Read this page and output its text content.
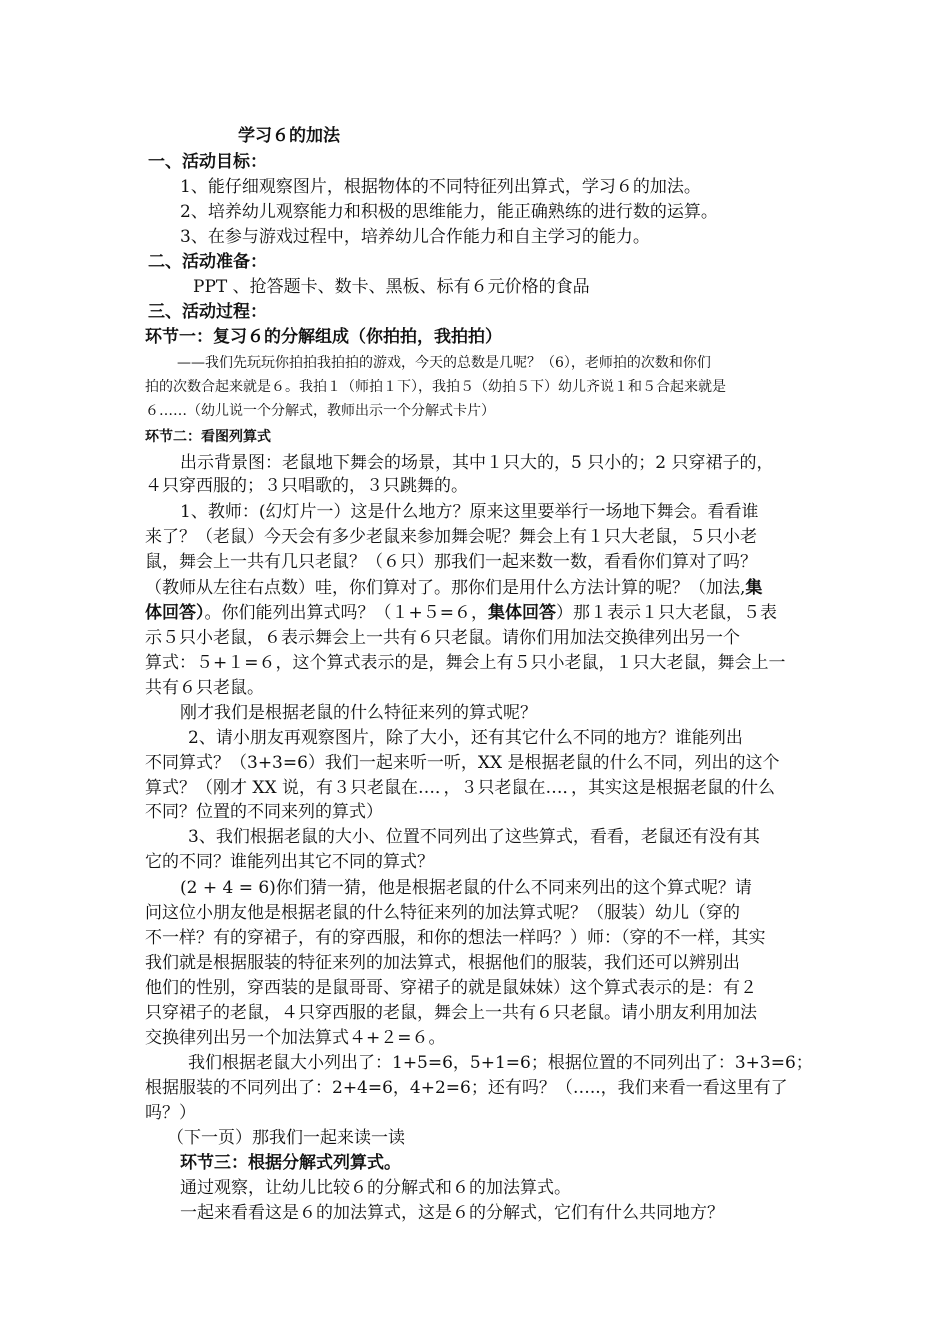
学习６的加法
一、活动目标：
1、能仔细观察图片，根据物体的不同特征列出算式，学习６的加法。
2、培养幼儿观察能力和积极的思维能力，能正确熟练的进行数的运算。
3、在参与游戏过程中，培养幼儿合作能力和自主学习的能力。
二、活动准备：
PPT 、抢答题卡、数卡、黑板、标有６元价格的食品
三、活动过程：
环节一：复习６的分解组成（你拍拍，我拍拍）
——我们先玩玩你拍拍我拍拍的游戏，今天的总数是几呢？（6），老师拍的次数和你们
拍的次数合起来就是６。我拍１（师拍１下），我拍５（幼拍５下）幼儿齐说１和５合起来就是
６……（幼儿说一个分解式，教师出示一个分解式卡片）
环节二：看图列算式
出示背景图：老鼠地下舞会的场景，其中１只大的，5 只小的；2 只穿裙子的，
４只穿西服的；３只唱歌的，３只跳舞的。
1、教师：(幻灯片一）这是什么地方？原来这里要举行一场地下舞会。看看谁
来了？（老鼠）今天会有多少老鼠来参加舞会呢？舞会上有１只大老鼠，５只小老
鼠，舞会上一共有几只老鼠？（６只）那我们一起来数一数，看看你们算对了吗？
（教师从左往右点数）哇，你们算对了。那你们是用什么方法计算的呢？（加法,集
体回答）。你们能列出算式吗？（１+５=６，集体回答）那１表示１只大老鼠，５表
示５只小老鼠，６表示舞会上一共有６只老鼠。请你们用加法交换律列出另一个
算式：５+１=６，这个算式表示的是，舞会上有５只小老鼠，１只大老鼠，舞会上一
共有６只老鼠。
刚才我们是根据老鼠的什么特征来列的算式呢？
2、请小朋友再观察图片，除了大小，还有其它什么不同的地方？谁能列出
不同算式？（3+3=6）我们一起来听一听，XX 是根据老鼠的什么不同，列出的这个
算式？（刚才 XX 说，有３只老鼠在…．，３只老鼠在…．，其实这是根据老鼠的什么
不同？位置的不同来列的算式）
3、我们根据老鼠的大小、位置不同列出了这些算式，看看，老鼠还有没有其
它的不同？谁能列出其它不同的算式？
(2 + 4 = 6)你们猜一猜，他是根据老鼠的什么不同来列出的这个算式呢？请
问这位小朋友他是根据老鼠的什么特征来列的加法算式呢？（服装）幼儿（穿的
不一样？有的穿裙子，有的穿西服，和你的想法一样吗？）师：（穿的不一样，其实
我们就是根据服装的特征来列的加法算式，根据他们的服装，我们还可以辨别出
他们的性别，穿西装的是鼠哥哥、穿裙子的就是鼠妹妹）这个算式表示的是：有２
只穿裙子的老鼠，４只穿西服的老鼠，舞会上一共有６只老鼠。请小朋友利用加法
交换律列出另一个加法算式４+２=６。
我们根据老鼠大小列出了：1+5=6，5+1=6；根据位置的不同列出了：3+3=6；
根据服装的不同列出了：2+4=6，4+2=6；还有吗？（…..，我们来看一看这里有了
吗？）
（下一页）那我们一起来读一读
环节三：根据分解式列算式。
通过观察，让幼儿比较６的分解式和６的加法算式。
一起来看看这是６的加法算式，这是６的分解式，它们有什么共同地方？
